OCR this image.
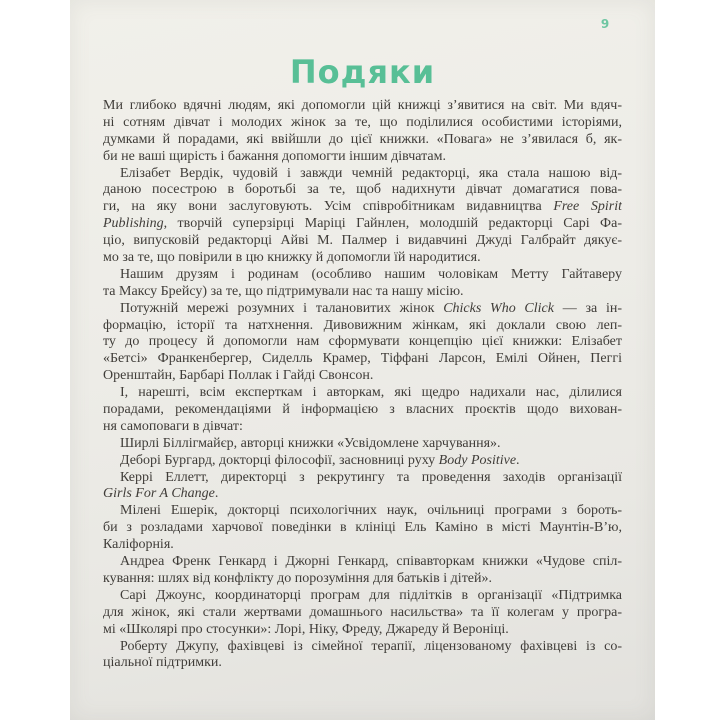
9
Подяки
Ми глибоко вдячні людям, які допомогли цій книжці з’явитися на світ. Ми вдяч-
ні сотням дівчат і молодих жінок за те, що поділилися особистими історіями,
думками й порадами, які ввійшли до цієї книжки. «Повага» не з’явилася б, як-
би не ваші щирість і бажання допомогти іншим дівчатам.
Елізабет Вердік, чудовій і завжди чемній редакторці, яка стала нашою від-
даною посестрою в боротьбі за те, щоб надихнути дівчат домагатися пова-
ги, на яку вони заслуговують. Усім співробітникам видавництва Free Spirit
Publishing, творчій суперзірці Маріці Гайнлен, молодшій редакторці Сарі Фа-
ціо, випусковій редакторці Айві М. Палмер і видавчині Джуді Галбрайт дякує-
мо за те, що повірили в цю книжку й допомогли їй народитися.
Нашим друзям і родинам (особливо нашим чоловікам Метту Гайтаверу
та Максу Брейсу) за те, що підтримували нас та нашу місію.
Потужній мережі розумних і талановитих жінок Chicks Who Click — за ін-
формацію, історії та натхнення. Дивовижним жінкам, які доклали свою леп-
ту до процесу й допомогли нам сформувати концепцію цієї книжки: Елізабет
«Бетсі» Франкенбергер, Сиделль Крамер, Тіффані Ларсон, Емілі Ойнен, Пеггі
Оренштайн, Барбарі Поллак і Гайді Свонсон.
І, нарешті, всім експерткам і авторкам, які щедро надихали нас, ділилися
порадами, рекомендаціями й інформацією з власних проєктів щодо вихован-
ня самоповаги в дівчат:
Ширлі Біллігмайєр, авторці книжки «Усвідомлене харчування».
Деборі Бургард, докторці філософії, засновниці руху Body Positive.
Керрі Еллетт, директорці з рекрутингу та проведення заходів організації
Girls For A Change.
Мілені Ешерік, докторці психологічних наук, очільниці програми з бороть-
би з розладами харчової поведінки в клініці Ель Каміно в місті Маунтін-В’ю,
Каліфорнія.
Андреа Френк Генкард і Джорні Генкард, співавторкам книжки «Чудове спіл-
кування: шлях від конфлікту до порозуміння для батьків і дітей».
Сарі Джоунс, координаторці програм для підлітків в організації «Підтримка
для жінок, які стали жертвами домашнього насильства» та її колегам у програ-
мі «Школярі про стосунки»: Лорі, Ніку, Фреду, Джареду й Вероніці.
Роберту Джупу, фахівцеві із сімейної терапії, ліцензованому фахівцеві із со-
ціальної підтримки.
